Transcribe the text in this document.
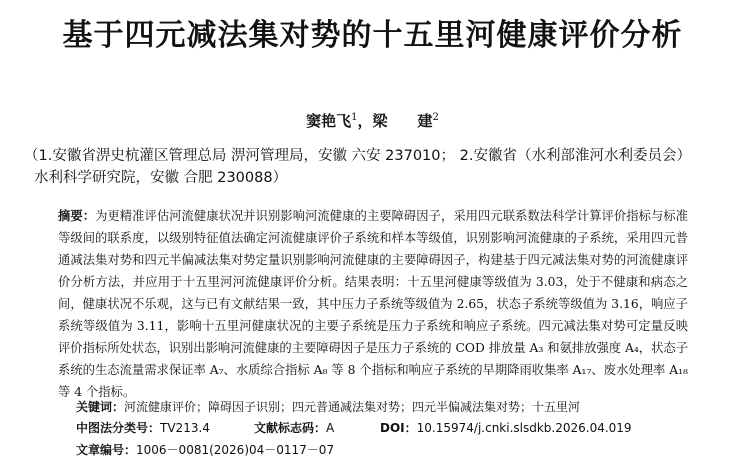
基于四元减法集对势的十五里河健康评价分析
窦艳飞$^1$，梁　　建$^2$
（1.安徽省淠史杭灌区管理总局 淠河管理局，安徽 六安 237010； 2.安徽省（水利部淮河水利委员会）
水利科学研究院，安徽 合肥 230088）
摘要：为更精准评估河流健康状况并识别影响河流健康的主要障碍因子，采用四元联系数法科学计算评价指标与标准等级间的联系度，以级别特征值法确定河流健康评价子系统和样本等级值，识别影响河流健康的子系统，采用四元普通减法集对势和四元半偏减法集对势定量识别影响河流健康的主要障碍因子，构建基于四元减法集对势的河流健康评价分析方法，并应用于十五里河河流健康评价分析。结果表明：十五里河健康等级值为 3.03，处于不健康和病态之间，健康状况不乐观，这与已有文献结果一致，其中压力子系统等级值为 2.65，状态子系统等级值为 3.16，响应子系统等级值为 3.11，影响十五里河健康状况的主要子系统是压力子系统和响应子系统。四元减法集对势可定量反映评价指标所处状态，识别出影响河流健康的主要障碍因子是压力子系统的 COD 排放量 A₃ 和氨排放强度 A₄，状态子系统的生态流量需求保证率 A₇、水质综合指标 A₈ 等 8 个指标和响应子系统的早期降雨收集率 A₁₇、废水处理率 A₁₈ 等 4 个指标。
关键词：河流健康评价；障碍因子识别；四元普通减法集对势；四元半偏减法集对势；十五里河
中图法分类号：TV213.4	文献标志码：A	DOI：10.15974/j.cnki.slsdkb.2026.04.019
文章编号：1006－0081(2026)04－0117－07
